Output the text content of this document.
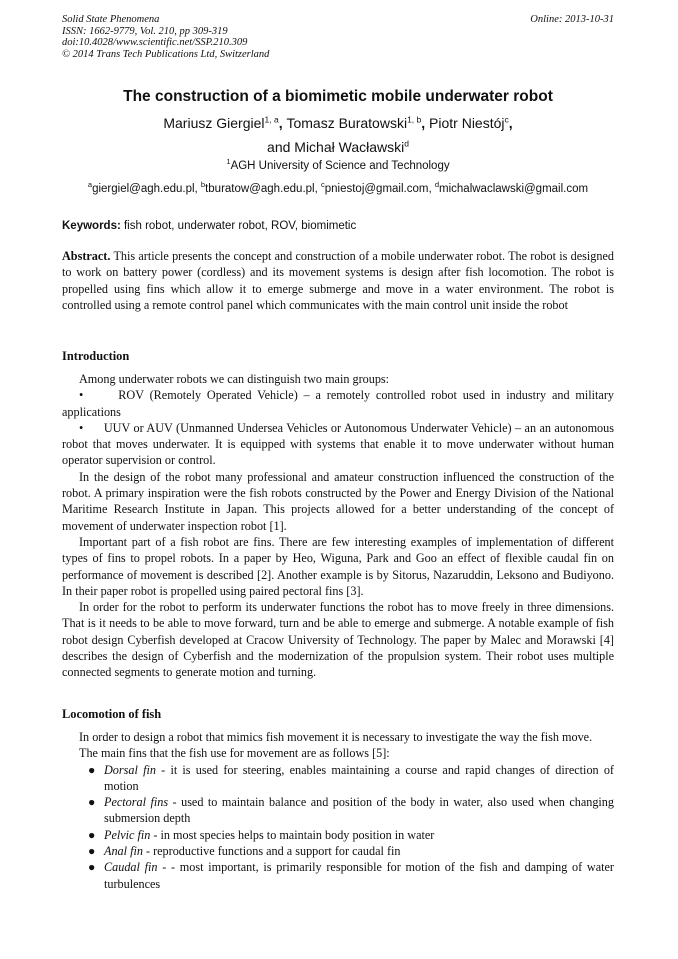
Solid State Phenomena
ISSN: 1662-9779, Vol. 210, pp 309-319
doi:10.4028/www.scientific.net/SSP.210.309
© 2014 Trans Tech Publications Ltd, Switzerland
Online: 2013-10-31
The construction of a biomimetic mobile underwater robot
Mariusz Giergiel$^{1, a}$, Tomasz Buratowski$^{1, b}$, Piotr Niestój$^c$,
and Michał Wacławski$^d$
$^1$AGH University of Science and Technology
$^a$giergiel@agh.edu.pl, $^b$tburatow@agh.edu.pl, $^c$pniestoj@gmail.com, $^d$michalwaclawski@gmail.com
Keywords: fish robot, underwater robot, ROV, biomimetic
Abstract. This article presents the concept and construction of a mobile underwater robot. The robot is designed to work on battery power (cordless) and its movement systems is design after fish locomotion. The robot is propelled using fins which allow it to emerge submerge and move in a water environment. The robot is controlled using a remote control panel which communicates with the main control unit inside the robot
Introduction

Among underwater robots we can distinguish two main groups:

•	ROV (Remotely Operated Vehicle) – a remotely controlled robot used in industry and military applications

• UUV or AUV (Unmanned Undersea Vehicles or Autonomous Underwater Vehicle) – an an autonomous robot that moves underwater. It is equipped with systems that enable it to move underwater without human operator supervision or control.

In the design of the robot many professional and amateur construction influenced the construction of the robot. A primary inspiration were the fish robots constructed by the Power and Energy Division of the National Maritime Research Institute in Japan. This projects allowed for a better understanding of the concept of movement of underwater inspection robot [1].

Important part of a fish robot are fins. There are few interesting examples of implementation of different types of fins to propel robots. In a paper by Heo, Wiguna, Park and Goo an effect of flexible caudal fin on performance of movement is described [2]. Another example is by Sitorus, Nazaruddin, Leksono and Budiyono. In their paper robot is propelled using paired pectoral fins [3].

In order for the robot to perform its underwater functions the robot has to move freely in three dimensions. That is it needs to be able to move forward, turn and be able to emerge and submerge. A notable example of fish robot design Cyberfish developed at Cracow University of Technology. The paper by Malec and Morawski [4] describes the design of Cyberfish and the modernization of the propulsion system. Their robot uses multiple connected segments to generate motion and turning.

Locomotion of fish

In order to design a robot that mimics fish movement it is necessary to investigate the way the fish move.

The main fins that the fish use for movement are as follows [5]:

● Dorsal fin - it is used for steering, enables maintaining a course and rapid changes of direction of motion
● Pectoral fins - used to maintain balance and position of the body in water, also used when changing submersion depth
● Pelvic fin - in most species helps to maintain body position in water
● Anal fin - reproductive functions and a support for caudal fin
● Caudal fin - - most important, is primarily responsible for motion of the fish and damping of water turbulences
